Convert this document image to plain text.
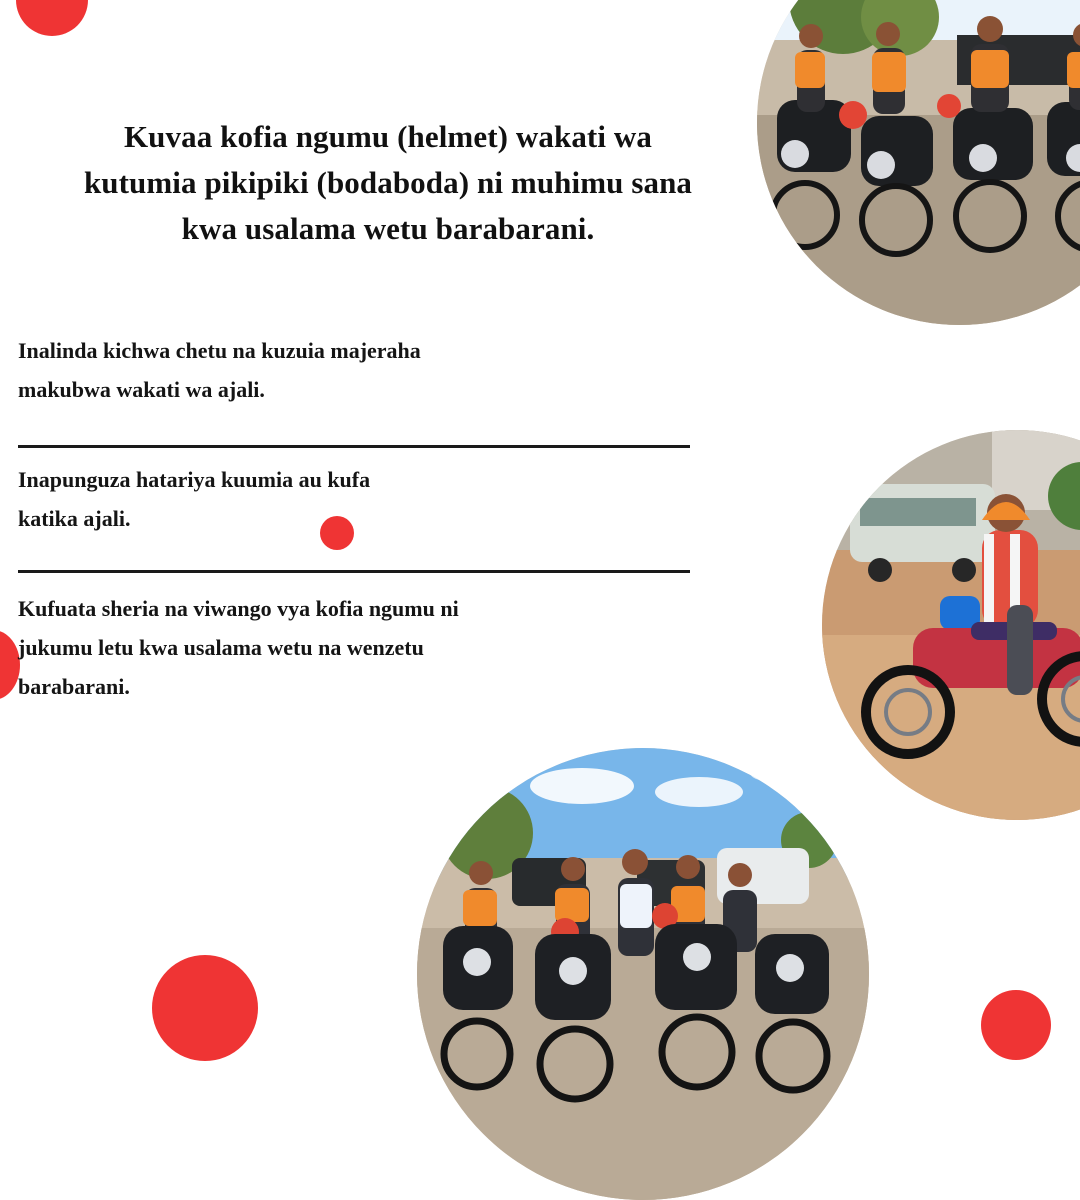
Kuvaa kofia ngumu (helmet) wakati wa kutumia pikipiki (bodaboda) ni muhimu sana kwa usalama wetu barabarani.

Inalinda kichwa chetu na kuzuia majeraha
makubwa wakati wa ajali.

Inapunguza hatariya kuumia au kufa
katika ajali.

Kufuata sheria na viwango vya kofia ngumu ni
jukumu letu kwa usalama wetu na wenzetu
barabarani.
